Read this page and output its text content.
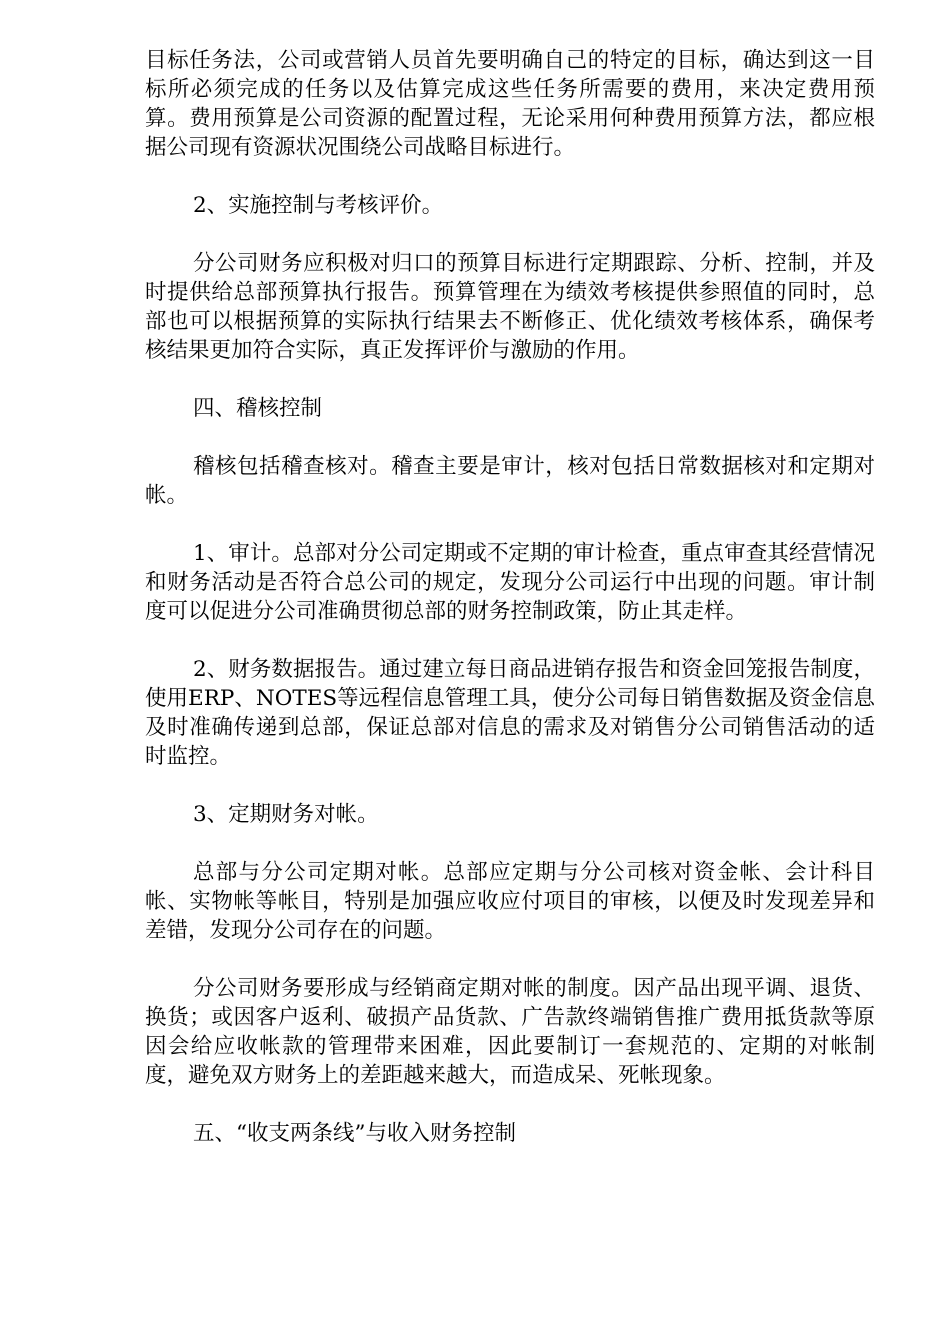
目标任务法，公司或营销人员首先要明确自己的特定的目标，确达到这一目标所必须完成的任务以及估算完成这些任务所需要的费用，来决定费用预算。费用预算是公司资源的配置过程，无论采用何种费用预算方法，都应根据公司现有资源状况围绕公司战略目标进行。

2、实施控制与考核评价。

分公司财务应积极对归口的预算目标进行定期跟踪、分析、控制，并及时提供给总部预算执行报告。预算管理在为绩效考核提供参照值的同时，总部也可以根据预算的实际执行结果去不断修正、优化绩效考核体系，确保考核结果更加符合实际，真正发挥评价与激励的作用。

四、稽核控制

稽核包括稽查核对。稽查主要是审计，核对包括日常数据核对和定期对帐。

1、审计。总部对分公司定期或不定期的审计检查，重点审查其经营情况和财务活动是否符合总公司的规定，发现分公司运行中出现的问题。审计制度可以促进分公司准确贯彻总部的财务控制政策，防止其走样。

2、财务数据报告。通过建立每日商品进销存报告和资金回笼报告制度，使用ERP、NOTES等远程信息管理工具，使分公司每日销售数据及资金信息及时准确传递到总部，保证总部对信息的需求及对销售分公司销售活动的适时监控。

3、定期财务对帐。

总部与分公司定期对帐。总部应定期与分公司核对资金帐、会计科目帐、实物帐等帐目，特别是加强应收应付项目的审核，以便及时发现差异和差错，发现分公司存在的问题。

分公司财务要形成与经销商定期对帐的制度。因产品出现平调、退货、换货；或因客户返利、破损产品货款、广告款终端销售推广费用抵货款等原因会给应收帐款的管理带来困难，因此要制订一套规范的、定期的对帐制度，避免双方财务上的差距越来越大，而造成呆、死帐现象。

五、“收支两条线”与收入财务控制
